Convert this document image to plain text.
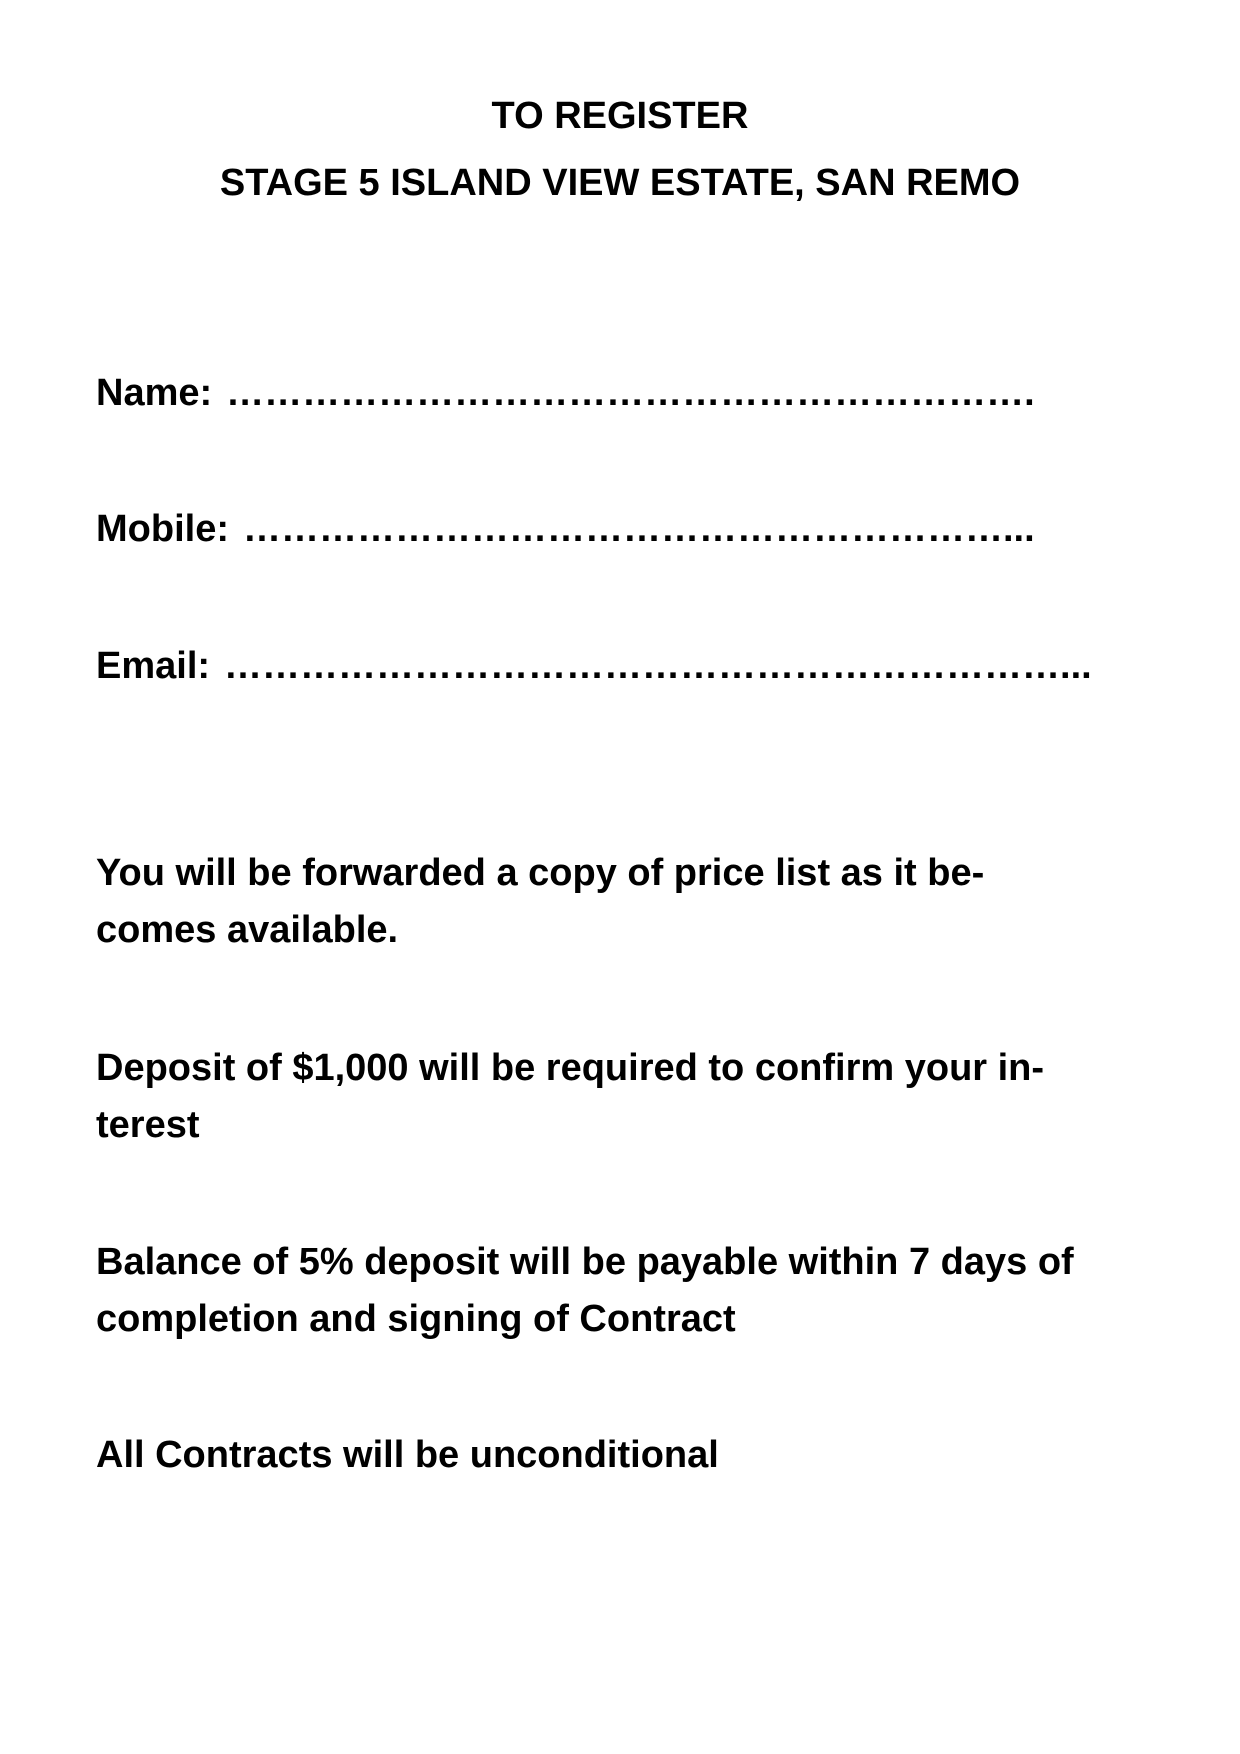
TO REGISTER
STAGE 5 ISLAND VIEW ESTATE, SAN REMO
Name: ……………………………………………………….
Mobile: ……………………………………………………...
Email: …………………………………………………………...
You will be forwarded a copy of price list as it be-
comes available.
Deposit of $1,000 will be required to confirm your in-
terest
Balance of 5% deposit will be payable within 7 days of
completion and signing of Contract
All Contracts will be unconditional
